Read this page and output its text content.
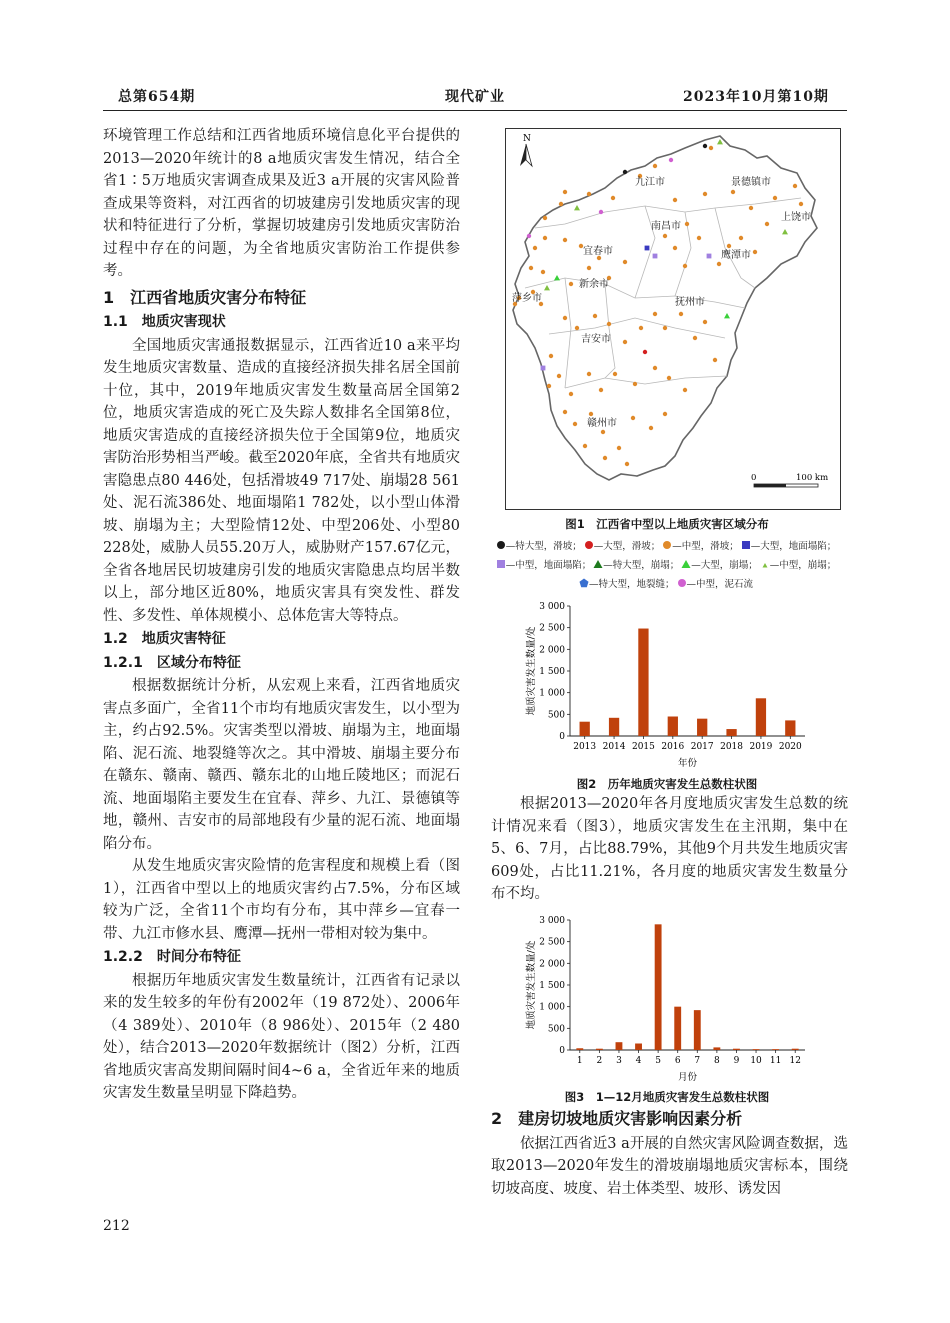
总第654期	现代矿业	2023年10月第10期

环境管理工作总结和江西省地质环境信息化平台提供的2013—2020年统计的8 a地质灾害发生情况，结合全省1∶5万地质灾害调查成果及近3 a开展的灾害风险普查成果等资料，对江西省的切坡建房引发地质灾害的现状和特征进行了分析，掌握切坡建房引发地质灾害防治过程中存在的问题，为全省地质灾害防治工作提供参考。

1　江西省地质灾害分布特征
1.1　地质灾害现状

全国地质灾害通报数据显示，江西省近10 a来平均发生地质灾害数量、造成的直接经济损失排名居全国前十位，其中，2019年地质灾害发生数量高居全国第2位，地质灾害造成的死亡及失踪人数排名全国第8位，地质灾害造成的直接经济损失位于全国第9位，地质灾害防治形势相当严峻。截至2020年底，全省共有地质灾害隐患点80 446处，包括滑坡49 717处、崩塌28 561处、泥石流386处、地面塌陷1 782处，以小型山体滑坡、崩塌为主；大型险情12处、中型206处、小型80 228处，威胁人员55.20万人，威胁财产157.67亿元，全省各地居民切坡建房引发的地质灾害隐患点均居半数以上，部分地区近80%，地质灾害具有突发性、群发性、多发性、单体规模小、总体危害大等特点。

1.2　地质灾害特征
1.2.1　区域分布特征

根据数据统计分析，从宏观上来看，江西省地质灾害点多面广，全省11个市均有地质灾害发生，以小型为主，约占92.5%。灾害类型以滑坡、崩塌为主，地面塌陷、泥石流、地裂缝等次之。其中滑坡、崩塌主要分布在赣东、赣南、赣西、赣东北的山地丘陵地区；而泥石流、地面塌陷主要发生在宜春、萍乡、九江、景德镇等地，赣州、吉安市的局部地段有少量的泥石流、地面塌陷分布。

从发生地质灾害灾险情的危害程度和规模上看（图1），江西省中型以上的地质灾害约占7.5%，分布区域较为广泛，全省11个市均有分布，其中萍乡—宜春一带、九江市修水县、鹰潭—抚州一带相对较为集中。

1.2.2　时间分布特征

根据历年地质灾害发生数量统计，江西省有记录以来的发生较多的年份有2002年（19 872处）、2006年（4 389处）、2010年（8 986处）、2015年（2 480处），结合2013—2020年数据统计（图2）分析，江西省地质灾害高发期间隔时间4~6 a，全省近年来的地质灾害发生数量呈明显下降趋势。

九江市	景德镇市
南昌市
上饶市
宜春市	鹰潭市
新余市
萍乡市	抚州市
吉安市
赣州市
N
0	100 km
图1　江西省中型以上地质灾害区域分布
—特大型，滑坡； —大型，滑坡； —中型，滑坡； —大型，地面塌陷；—中型，地面塌陷； —特大型，崩塌； —大型，崩塌； —中型，崩塌；—特大型，地裂缝； —中型，泥石流
地质灾害发生数量/处
0
500
1 000
1 500
2 000
2 500
3 000
2013 2014 2015 2016 2017 2018 2019 2020
年份
图2　历年地质灾害发生总数柱状图

根据2013—2020年各月度地质灾害发生总数的统计情况来看（图3），地质灾害发生在主汛期，集中在5、6、7月，占比88.79%，其他9个月共发生地质灾害609处，占比11.21%，各月度的地质灾害发生数量分布不均。

地质灾害发生数量/处
0
500
1 000
1 500
2 000
2 500
3 000
1 2 3 4 5 6 7 8 9 10 11 12
月份
图3　1—12月地质灾害发生总数柱状图
2　建房切坡地质灾害影响因素分析

依据江西省近3 a开展的自然灾害风险调查数据，选取2013—2020年发生的滑坡崩塌地质灾害标本，围绕切坡高度、坡度、岩土体类型、坡形、诱发因

212
